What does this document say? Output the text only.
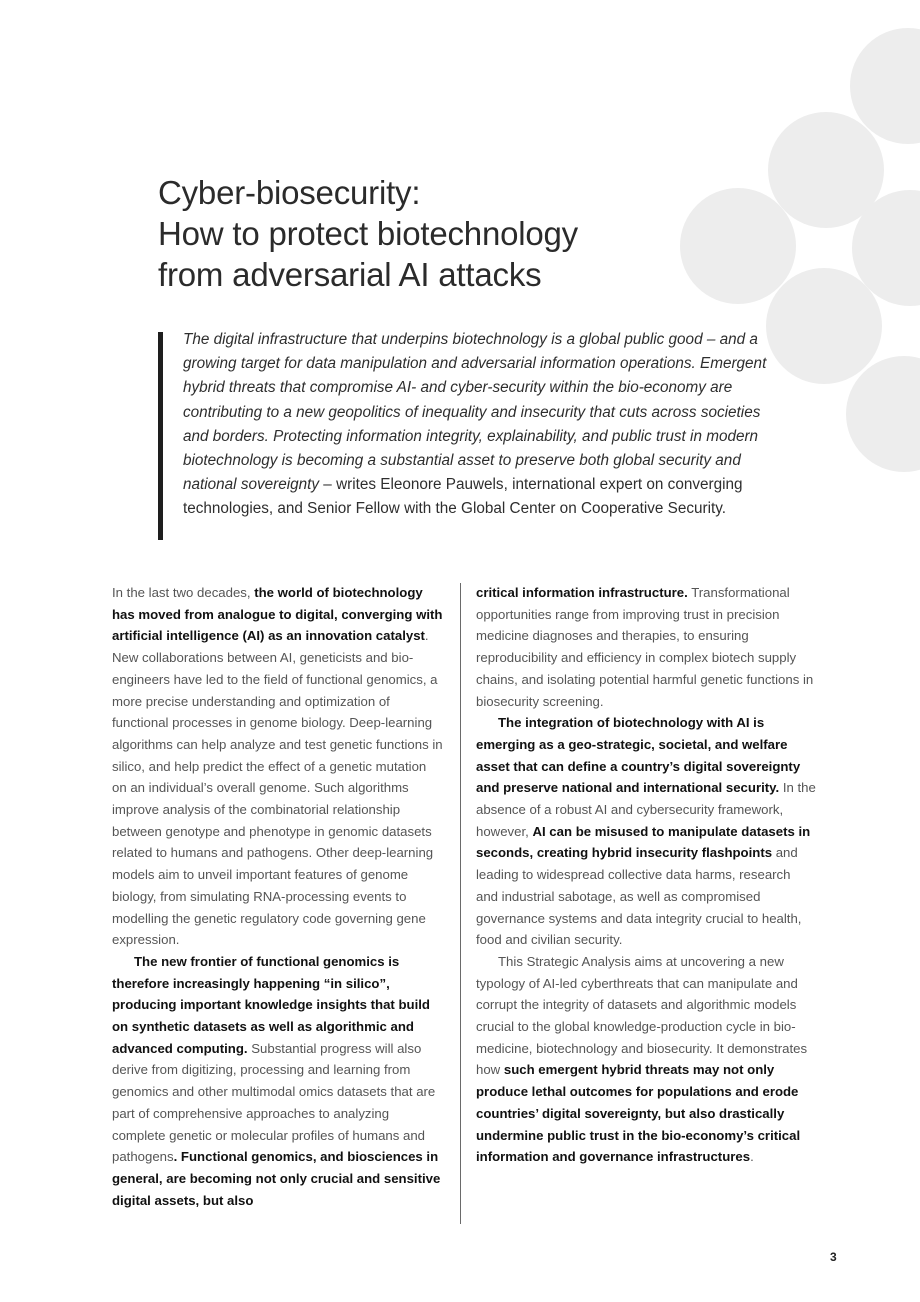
Cyber-biosecurity:
How to protect biotechnology
from adversarial AI attacks

The digital infrastructure that underpins biotechnology is a global public good – and a growing target for data manipulation and adversarial information operations. Emergent hybrid threats that compromise AI- and cyber-security within the bio-economy are contributing to a new geopolitics of inequality and insecurity that cuts across societies and borders. Protecting information integrity, explainability, and public trust in modern biotechnology is becoming a substantial asset to preserve both global security and national sovereignty – writes Eleonore Pauwels, international expert on converging technologies, and Senior Fellow with the Global Center on Cooperative Security.

In the last two decades, the world of biotechnology has moved from analogue to digital, converging with artificial intelligence (AI) as an innovation catalyst. New collaborations between AI, geneticists and bio-engineers have led to the field of functional genomics, a more precise understanding and optimization of functional processes in genome biology. Deep-learning algorithms can help analyze and test genetic functions in silico, and help predict the effect of a genetic mutation on an individual’s overall genome. Such algorithms improve analysis of the combinatorial relationship between genotype and phenotype in genomic datasets related to humans and pathogens. Other deep-learning models aim to unveil important features of genome biology, from simulating RNA-processing events to modelling the genetic regulatory code governing gene expression.

The new frontier of functional genomics is therefore increasingly happening “in silico”, producing important knowledge insights that build on synthetic datasets as well as algorithmic and advanced computing. Substantial progress will also derive from digitizing, processing and learning from genomics and other multimodal omics datasets that are part of comprehensive approaches to analyzing complete genetic or molecular profiles of humans and pathogens. Functional genomics, and biosciences in general, are becoming not only crucial and sensitive digital assets, but also

critical information infrastructure. Transformational opportunities range from improving trust in precision medicine diagnoses and therapies, to ensuring reproducibility and efficiency in complex biotech supply chains, and isolating potential harmful genetic functions in biosecurity screening.

The integration of biotechnology with AI is emerging as a geo-strategic, societal, and welfare asset that can define a country’s digital sovereignty and preserve national and international security. In the absence of a robust AI and cybersecurity framework, however, AI can be misused to manipulate datasets in seconds, creating hybrid insecurity flashpoints and leading to widespread collective data harms, research and industrial sabotage, as well as compromised governance systems and data integrity crucial to health, food and civilian security.

This Strategic Analysis aims at uncovering a new typology of AI-led cyberthreats that can manipulate and corrupt the integrity of datasets and algorithmic models crucial to the global knowledge-production cycle in bio-medicine, biotechnology and biosecurity. It demonstrates how such emergent hybrid threats may not only produce lethal outcomes for populations and erode countries’ digital sovereignty, but also drastically undermine public trust in the bio-economy’s critical information and governance infrastructures.

3
